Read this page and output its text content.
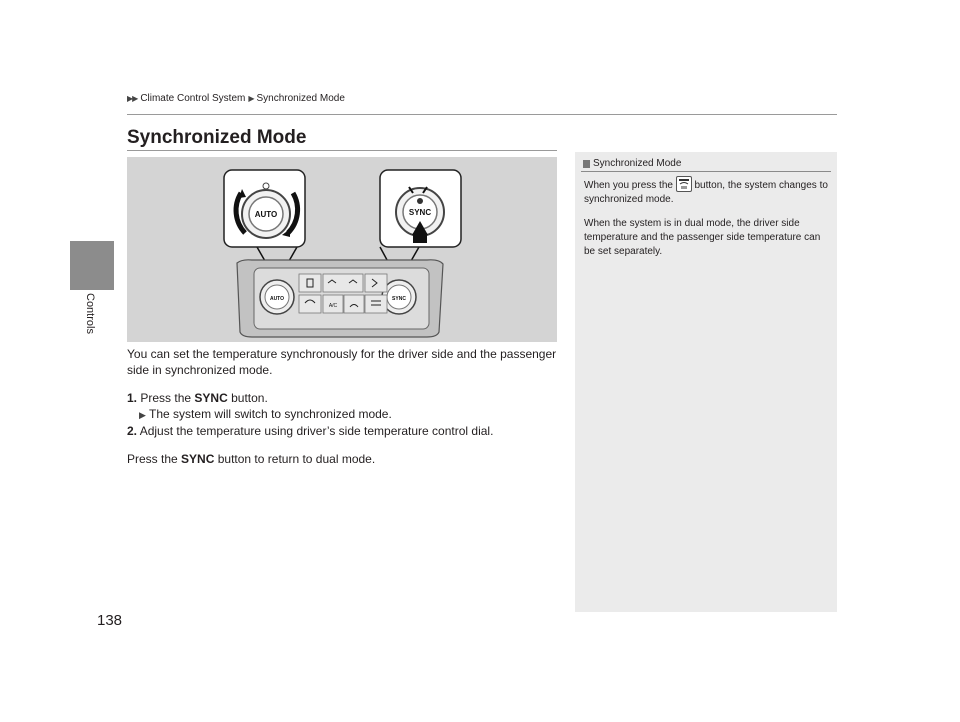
Controls
138
▶▶ Climate Control System ▶ Synchronized Mode
Synchronized Mode
AUTO	SYNC
AUTO	SYNC
A/C

You can set the temperature synchronously for the driver side and the passenger side in synchronized mode.

1. Press the SYNC button.
▶ The system will switch to synchronized mode.
2. Adjust the temperature using driver’s side temperature control dial.

Press the SYNC button to return to dual mode.

Synchronized Mode

When you press the button, the system changes to synchronized mode.

When the system is in dual mode, the driver side temperature and the passenger side temperature can be set separately.
